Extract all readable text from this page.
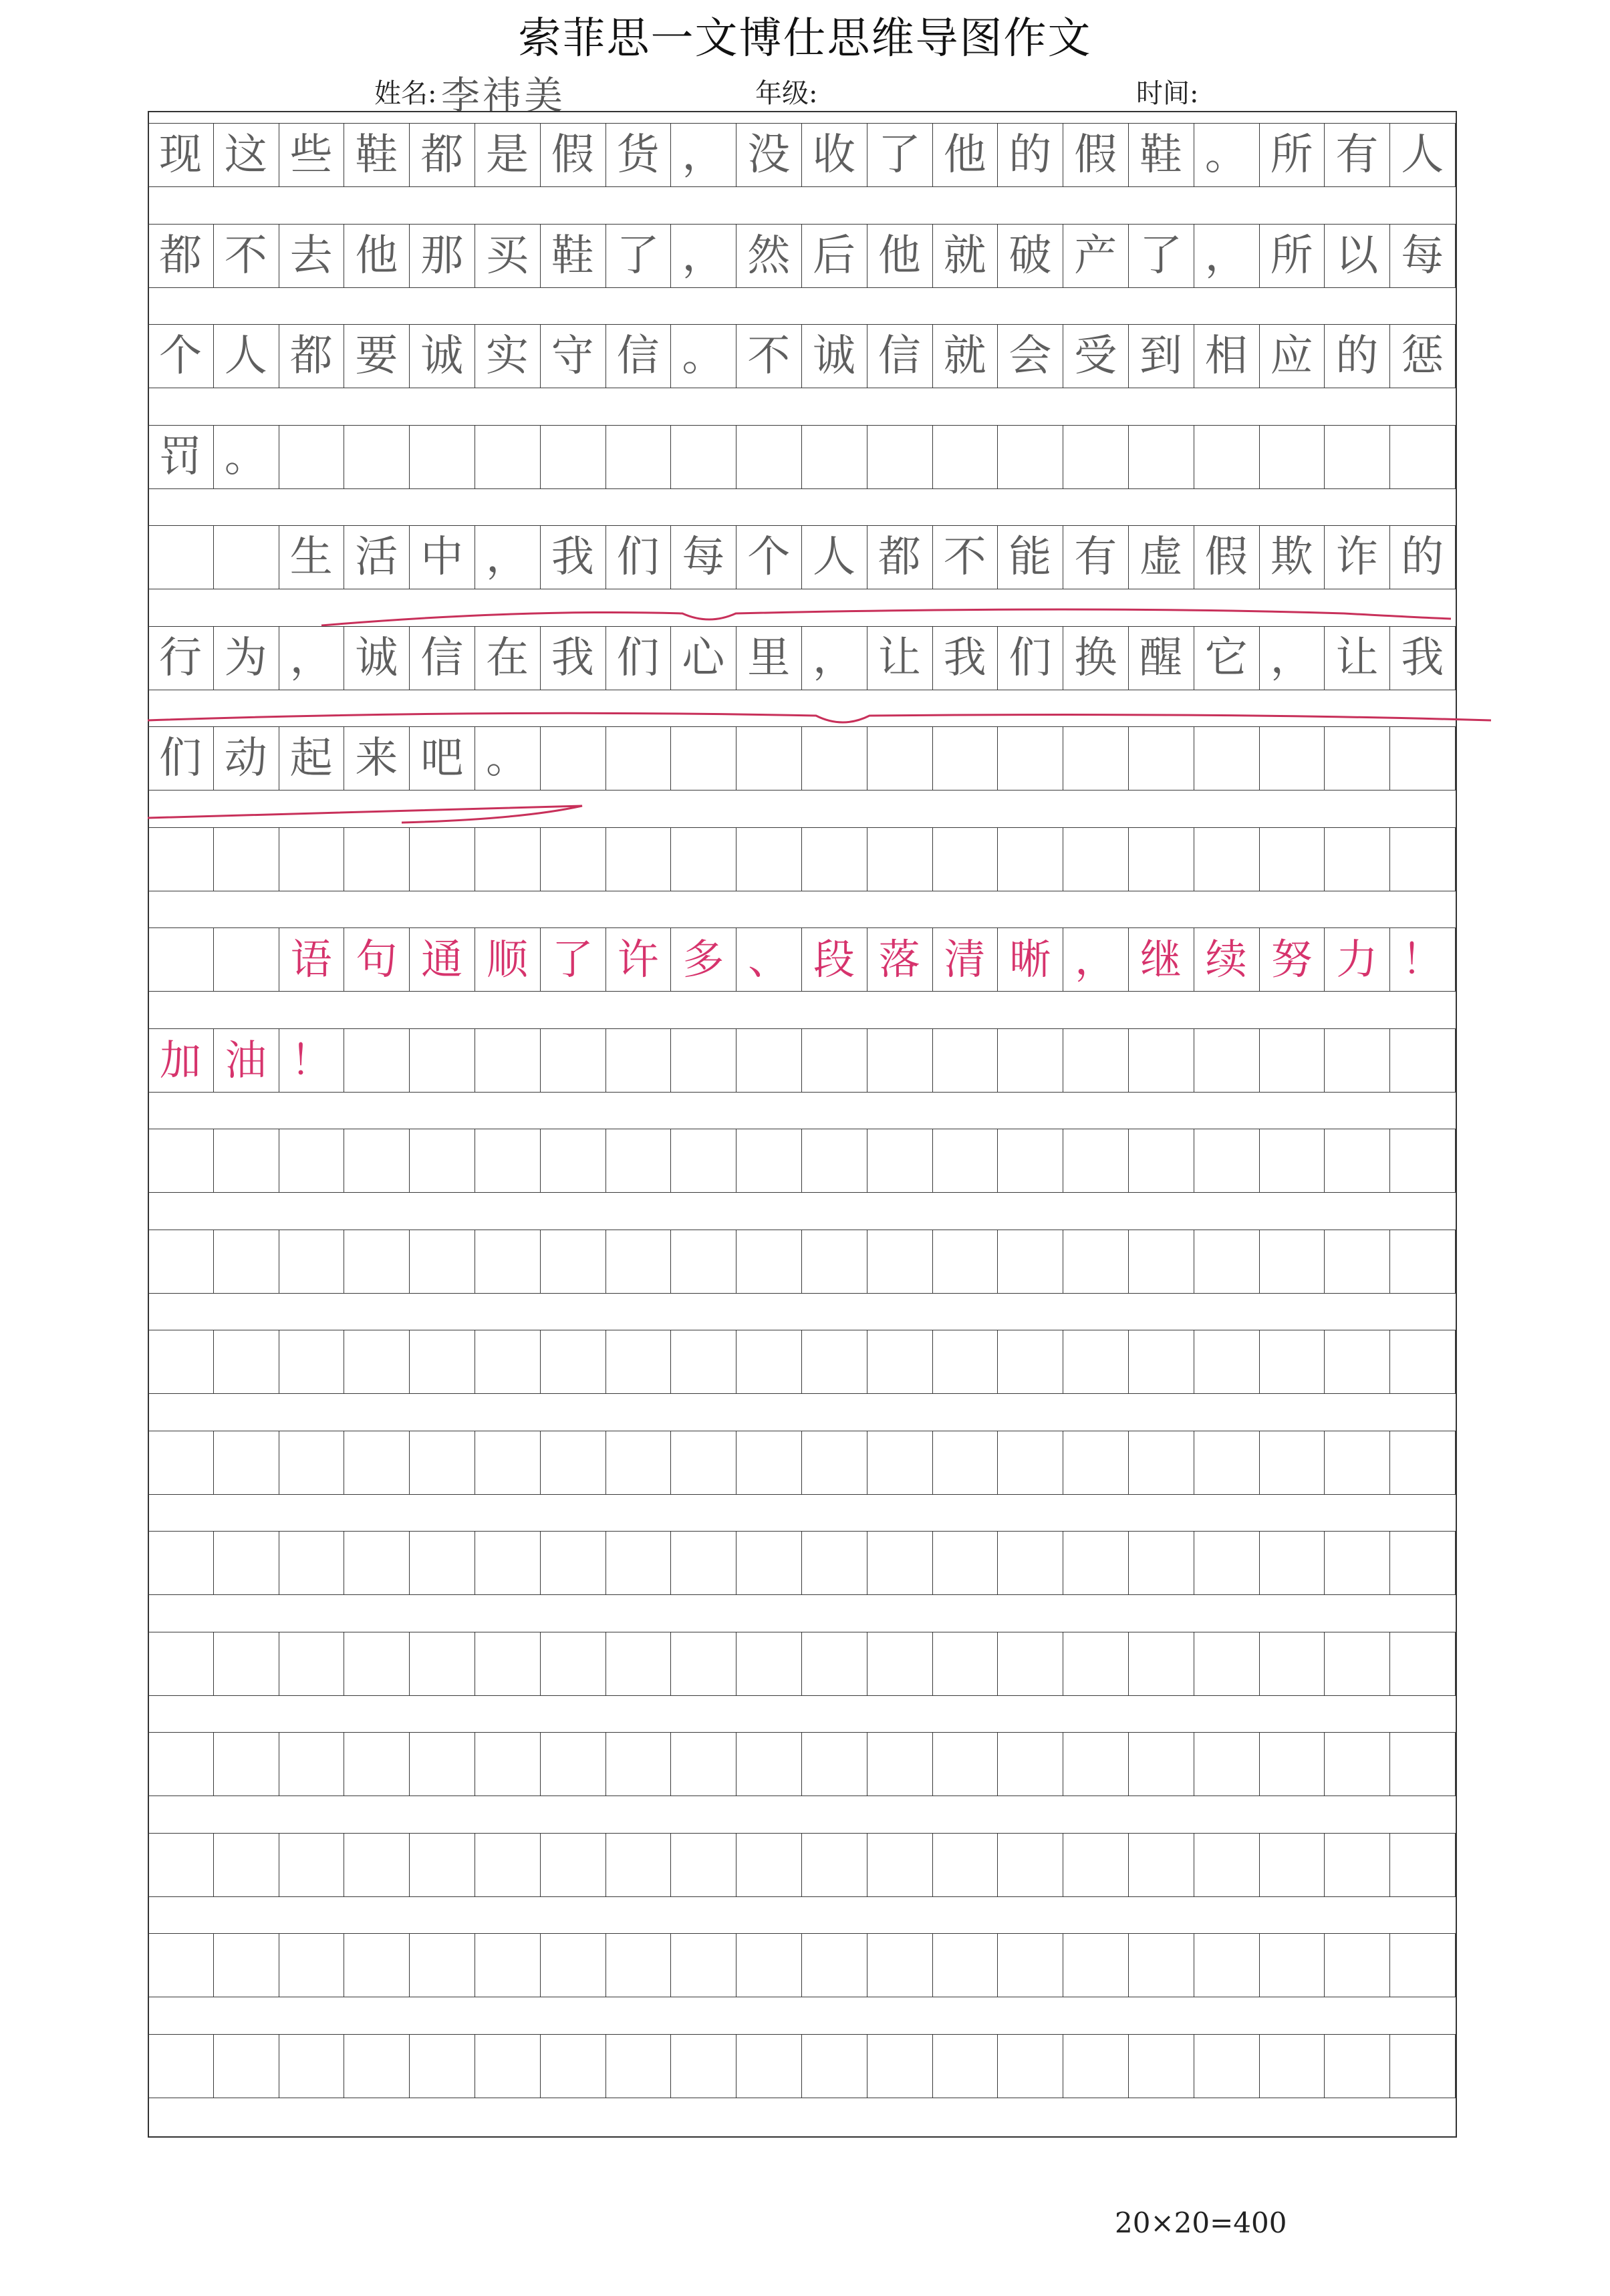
索菲思一文博仕思维导图作文
姓名: 李祎美	年级:	时间:
现 这 些 鞋 都 是 假 货 ， 没 收 了 他 的 假 鞋 。 所 有 人
都 不 去 他 那 买 鞋 了 ， 然 后 他 就 破 产 了 ， 所 以 每
个 人 都 要 诚 实 守 信 。 不 诚 信 就 会 受 到 相 应 的 惩
罚 。
生 活 中 ， 我 们 每 个 人 都 不 能 有 虚 假 欺 诈 的
行 为 ， 诚 信 在 我 们 心 里 ， 让 我 们 换 醒 它 ， 让 我
们 动 起 来 吧 。
语 句 通 顺 了 许 多 、 段 落 清 晰 ， 继 续 努 力 ！
加 油 ！
20×20=400
